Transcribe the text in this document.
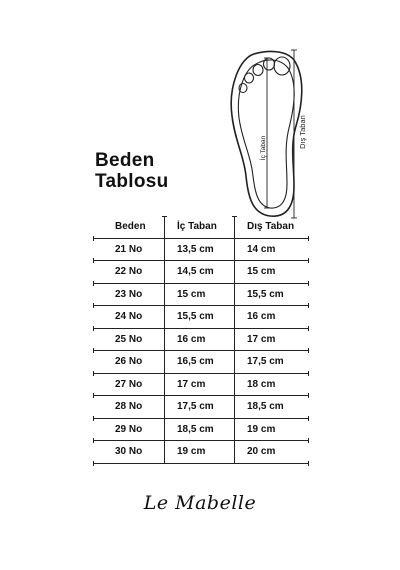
İç Taban	Dış Taban
Beden
Tablosu
Beden	İç Taban	Dış Taban
21 No	13,5 cm	14 cm
22 No	14,5 cm	15 cm
23 No	15 cm	15,5 cm
24 No	15,5 cm	16 cm
25 No	16 cm	17 cm
26 No	16,5 cm	17,5 cm
27 No	17 cm	18 cm
28 No	17,5 cm	18,5 cm
29 No	18,5 cm	19 cm
30 No	19 cm	20 cm
Le Mabelle
